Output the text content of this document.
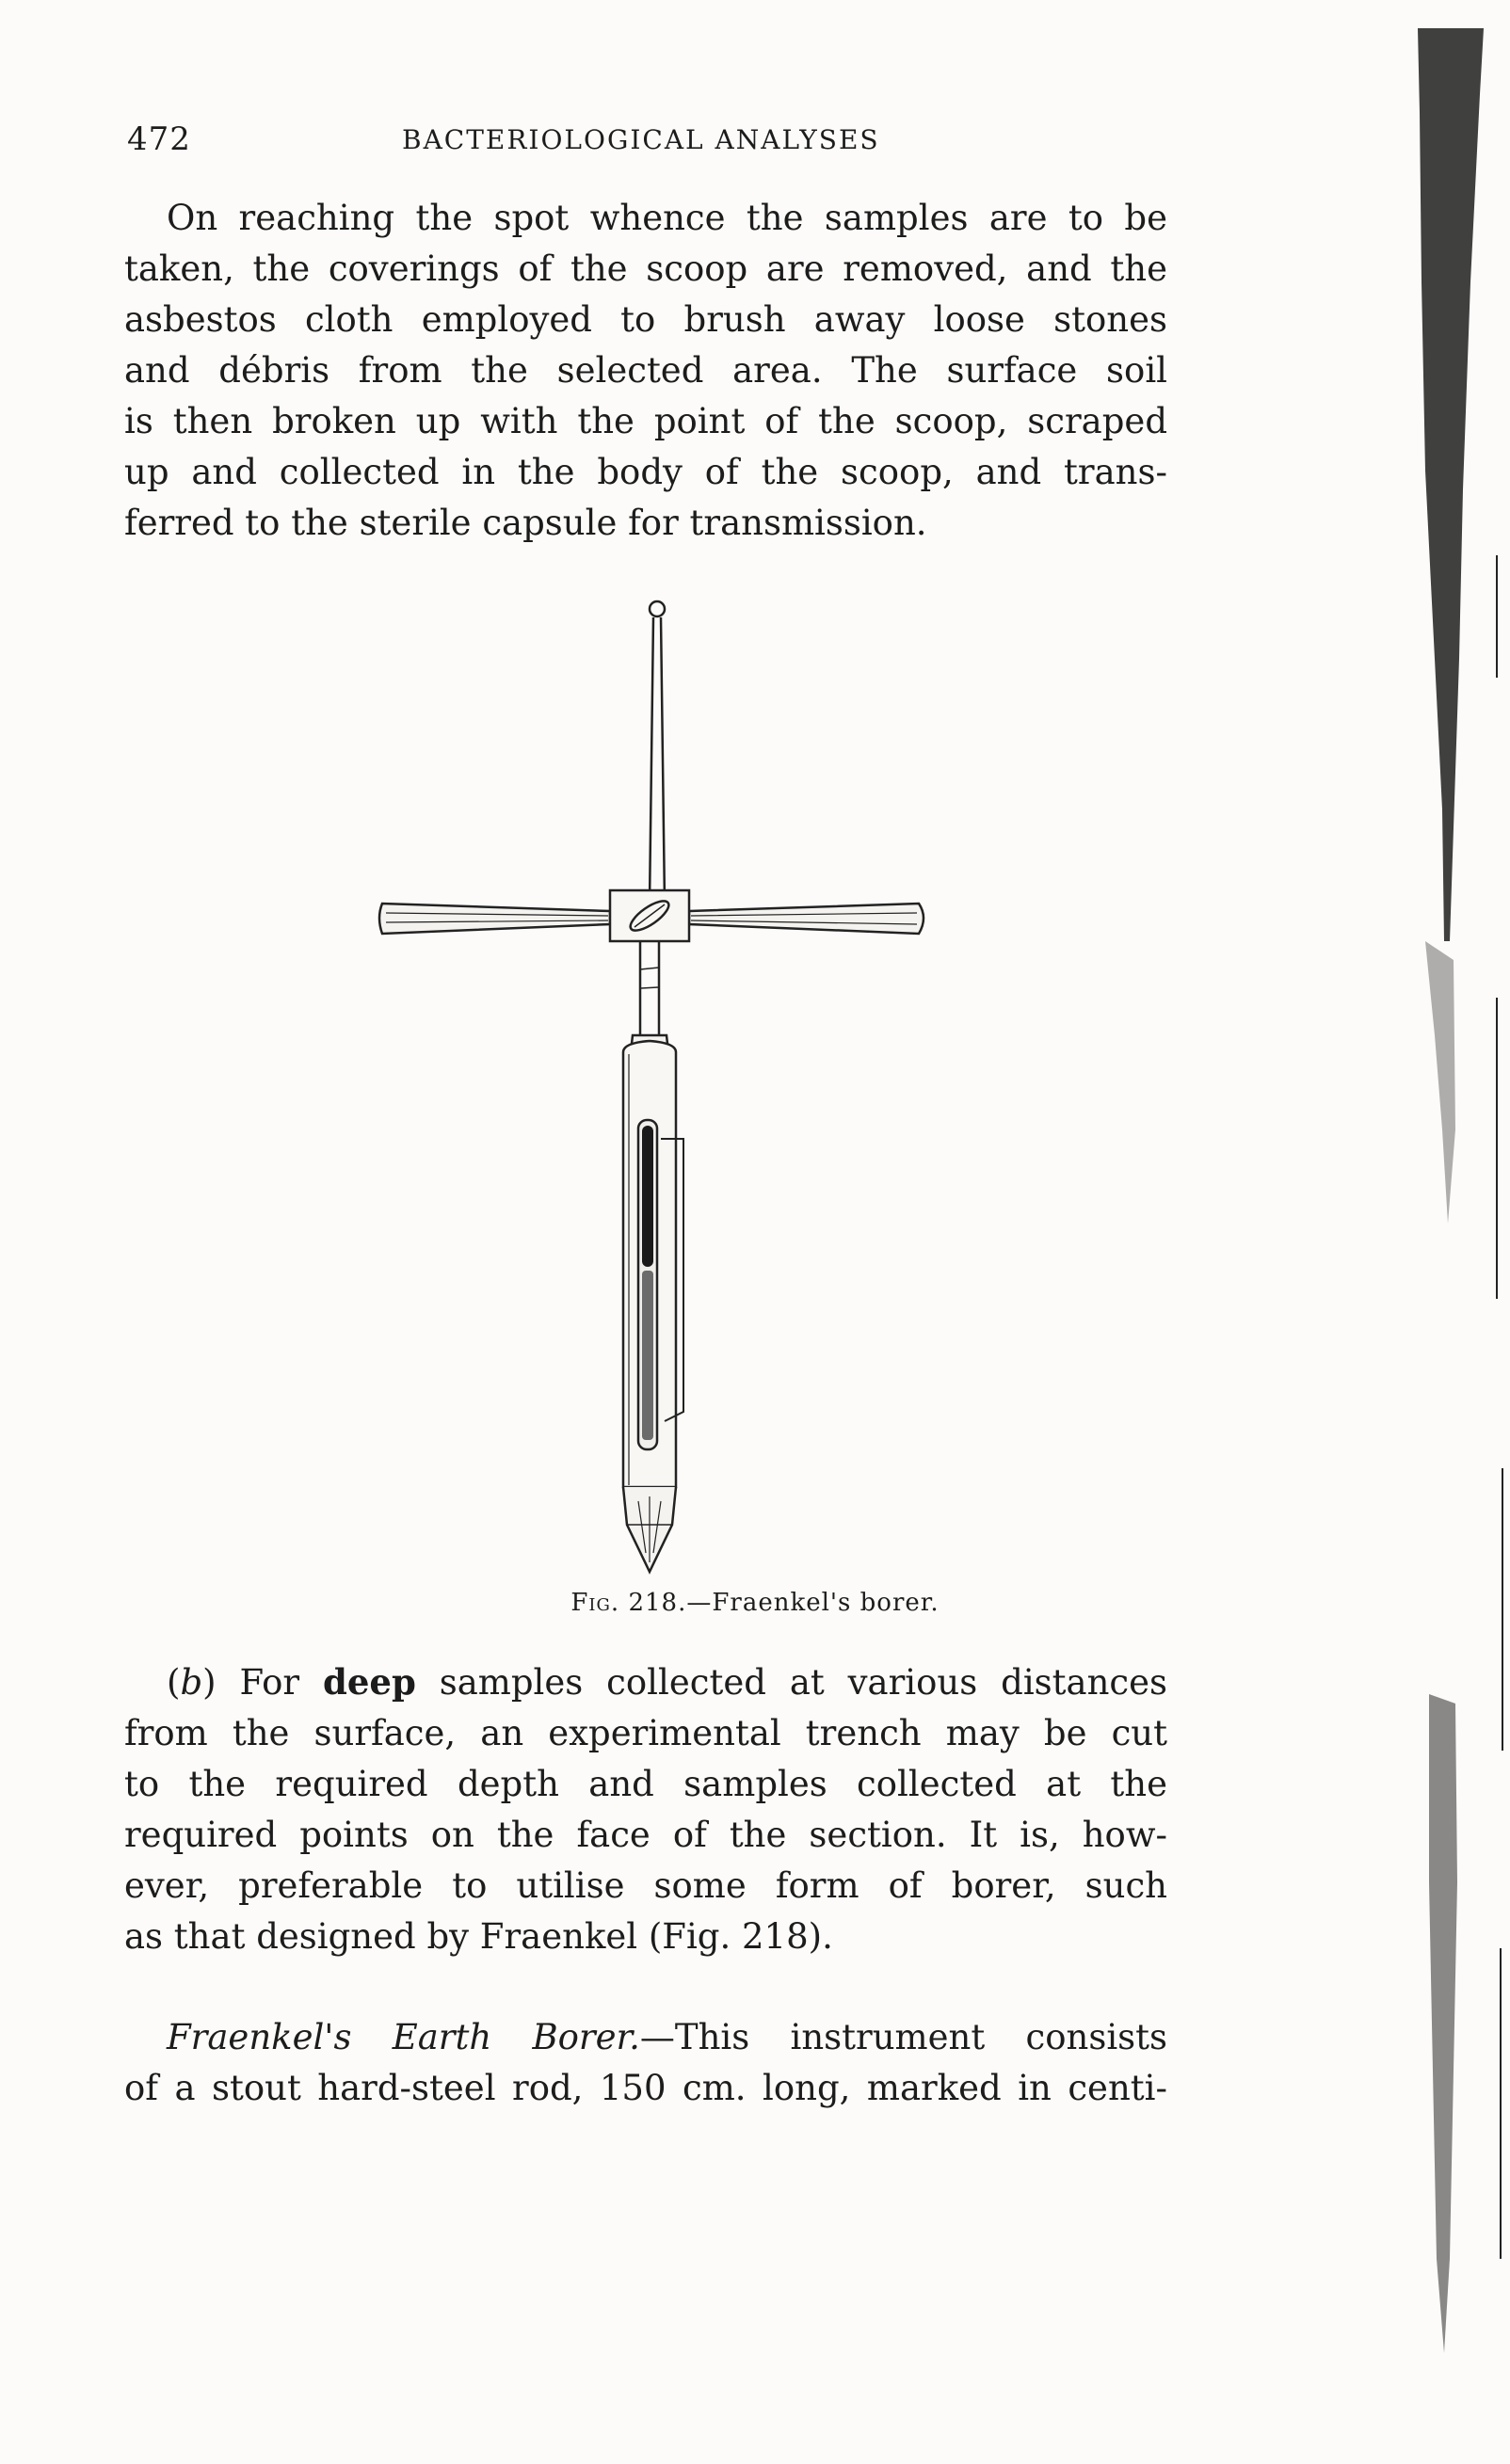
472	BACTERIOLOGICAL ANALYSES
On reaching the spot whence the samples are to be
taken, the coverings of the scoop are removed, and the
asbestos cloth employed to brush away loose stones
and débris from the selected area. The surface soil
is then broken up with the point of the scoop, scraped
up and collected in the body of the scoop, and trans-
ferred to the sterile capsule for transmission.
Fig. 218.—Fraenkel's borer.
(b) For deep samples collected at various distances
from the surface, an experimental trench may be cut
to the required depth and samples collected at the
required points on the face of the section. It is, how-
ever, preferable to utilise some form of borer, such
as that designed by Fraenkel (Fig. 218).
Fraenkel's Earth Borer.—This instrument consists
of a stout hard-steel rod, 150 cm. long, marked in centi-
